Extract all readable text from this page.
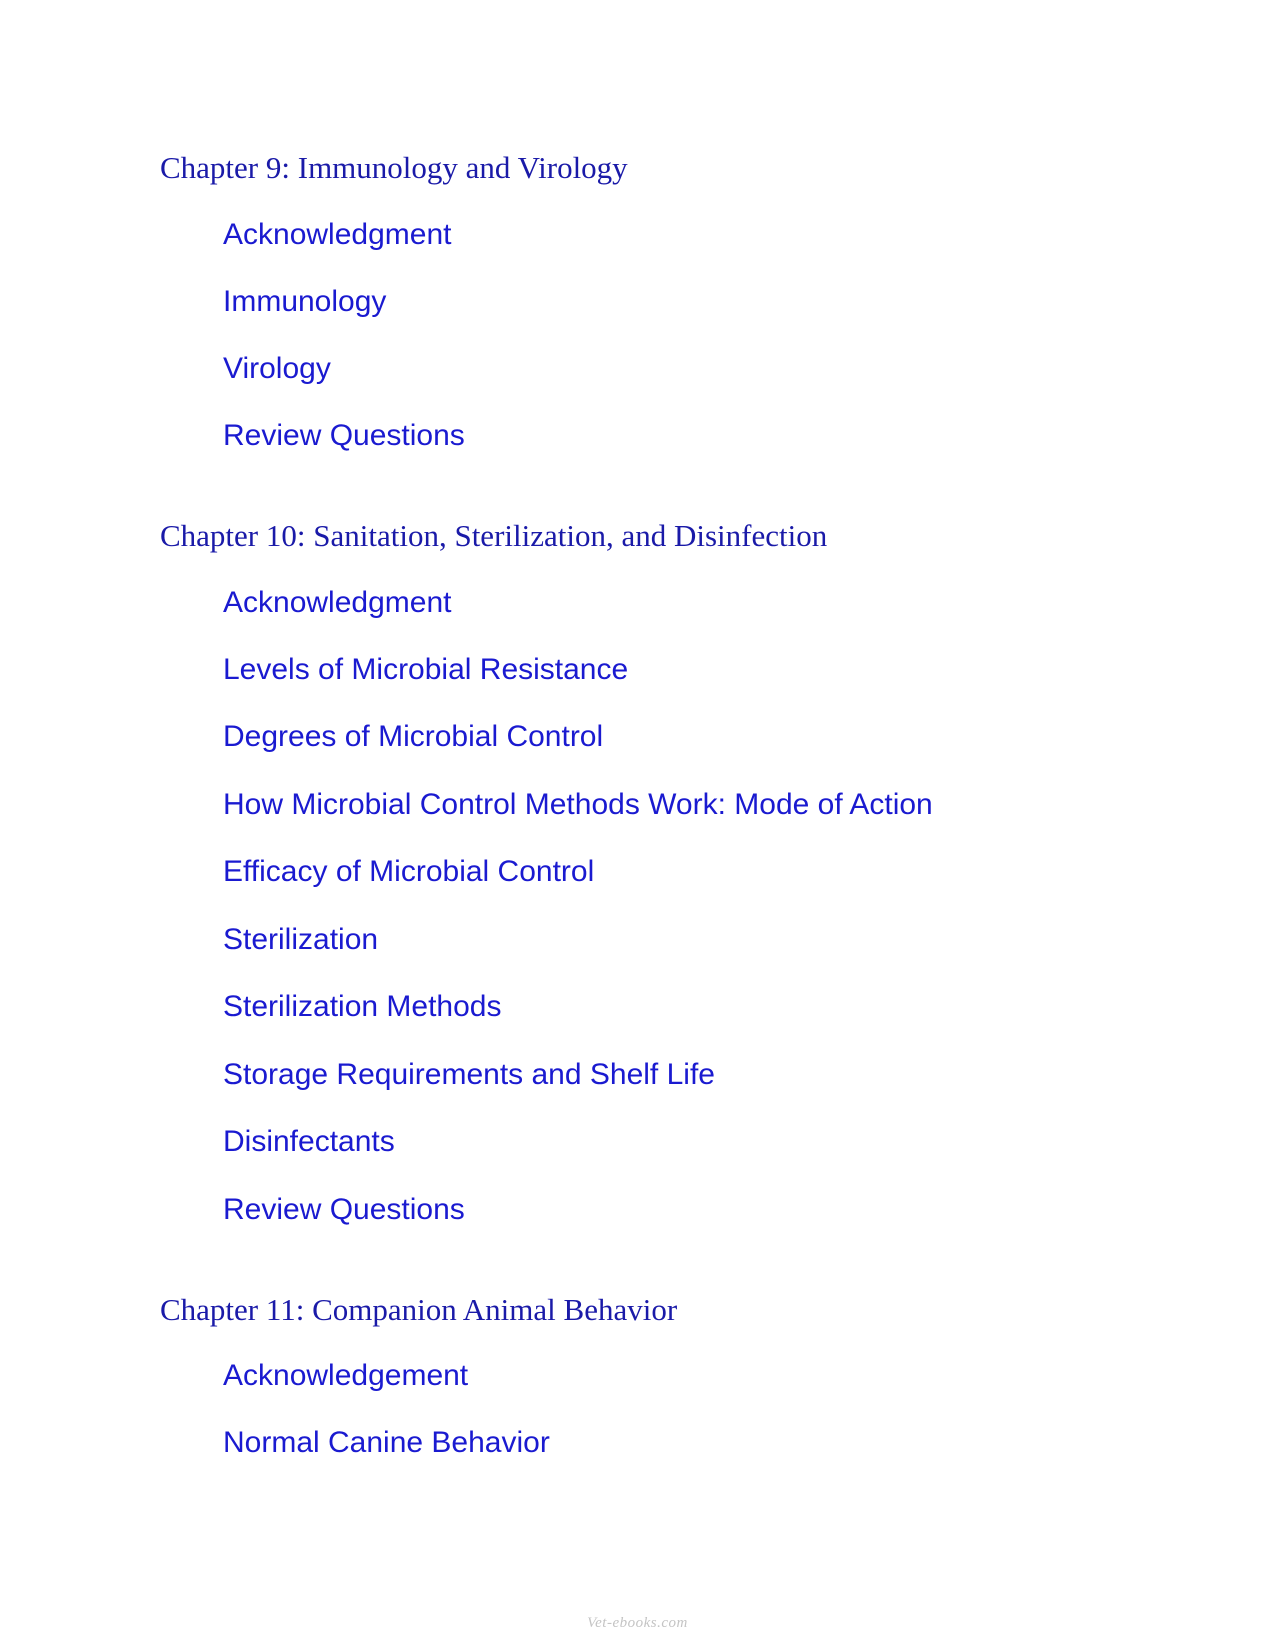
Chapter 9: Immunology and Virology
Acknowledgment
Immunology
Virology
Review Questions
Chapter 10: Sanitation, Sterilization, and Disinfection
Acknowledgment
Levels of Microbial Resistance
Degrees of Microbial Control
How Microbial Control Methods Work: Mode of Action
Efficacy of Microbial Control
Sterilization
Sterilization Methods
Storage Requirements and Shelf Life
Disinfectants
Review Questions
Chapter 11: Companion Animal Behavior
Acknowledgement
Normal Canine Behavior
Vet-ebooks.com
